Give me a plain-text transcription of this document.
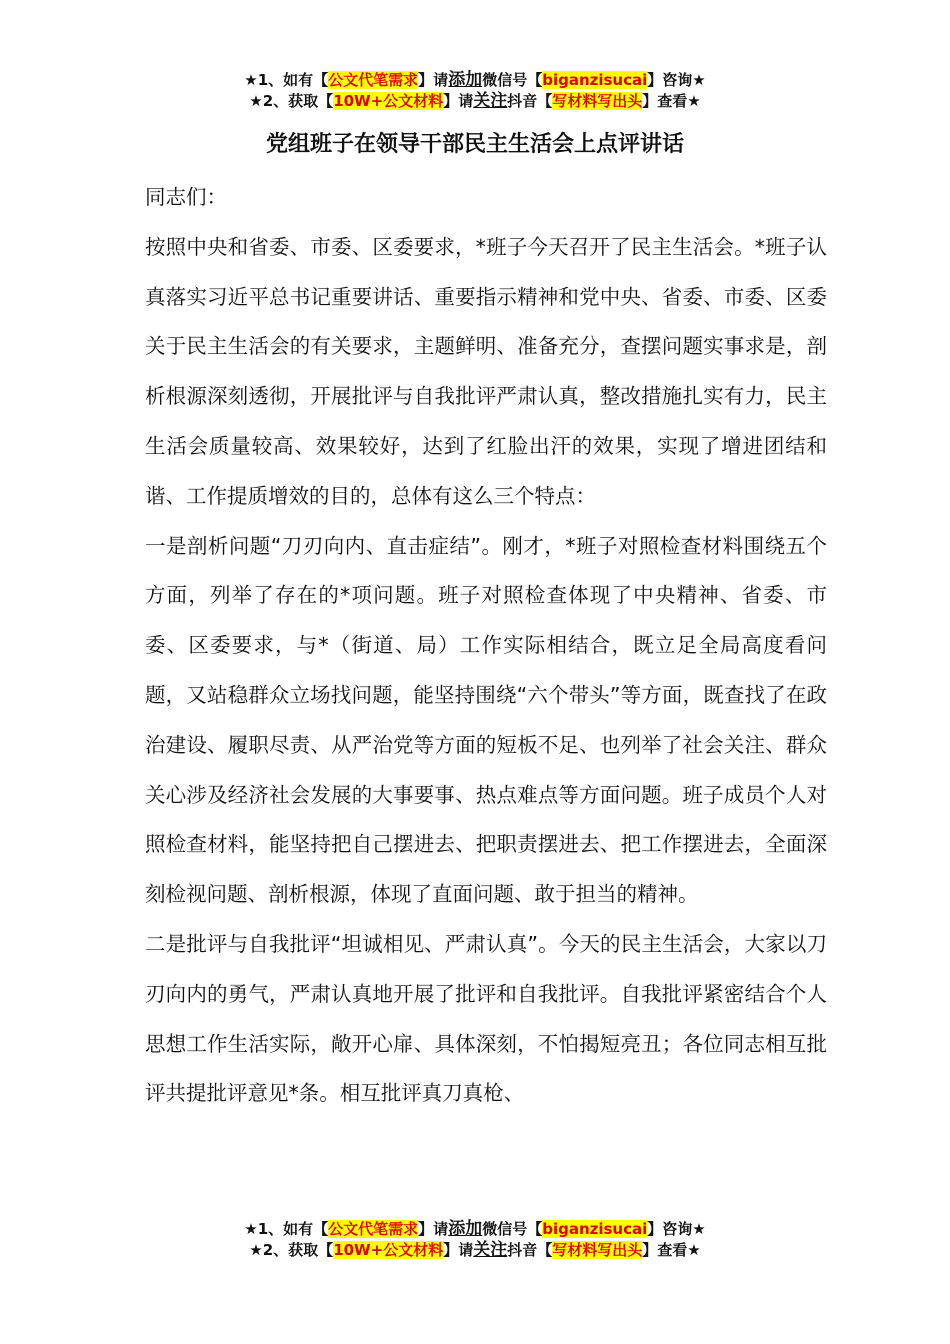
★1、如有【公文代笔需求】请添加微信号【biganzisucai】咨询★
★2、获取【10W+公文材料】请关注抖音【写材料写出头】查看★
党组班子在领导干部民主生活会上点评讲话

同志们：

按照中央和省委、市委、区委要求，*班子今天召开了民主生活会。*班子认真落实习近平总书记重要讲话、重要指示精神和党中央、省委、市委、区委关于民主生活会的有关要求，主题鲜明、准备充分，查摆问题实事求是，剖析根源深刻透彻，开展批评与自我批评严肃认真，整改措施扎实有力，民主生活会质量较高、效果较好，达到了红脸出汗的效果，实现了增进团结和谐、工作提质增效的目的，总体有这么三个特点：

一是剖析问题“刀刃向内、直击症结”。刚才，*班子对照检查材料围绕五个方面，列举了存在的*项问题。班子对照检查体现了中央精神、省委、市委、区委要求，与*（街道、局）工作实际相结合，既立足全局高度看问题，又站稳群众立场找问题，能坚持围绕“六个带头”等方面，既查找了在政治建设、履职尽责、从严治党等方面的短板不足、也列举了社会关注、群众关心涉及经济社会发展的大事要事、热点难点等方面问题。班子成员个人对照检查材料，能坚持把自己摆进去、把职责摆进去、把工作摆进去，全面深刻检视问题、剖析根源，体现了直面问题、敢于担当的精神。

二是批评与自我批评“坦诚相见、严肃认真”。今天的民主生活会，大家以刀刃向内的勇气，严肃认真地开展了批评和自我批评。自我批评紧密结合个人思想工作生活实际，敞开心扉、具体深刻，不怕揭短亮丑；各位同志相互批评共提批评意见*条。相互批评真刀真枪、

★1、如有【公文代笔需求】请添加微信号【biganzisucai】咨询★
★2、获取【10W+公文材料】请关注抖音【写材料写出头】查看★
